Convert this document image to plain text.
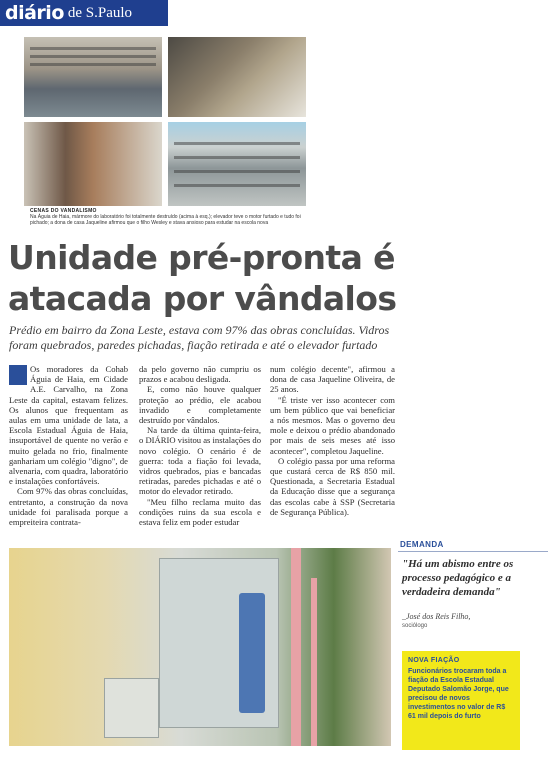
diário de S.Paulo
CENAS DO VANDALISMO
Na Águia de Haia, mármore do laboratório foi totalmente destruído (acima à esq.); elevador teve o motor furtado e tudo foi pichado; a dona de casa Jaqueline afirmou que o filho Wesley e stava ansioso para estudar na escola nova
Unidade pré-pronta é atacada por vândalos
Prédio em bairro da Zona Leste, estava com 97% das obras concluídas. Vidros foram quebrados, paredes pichadas, fiação retirada e até o elevador furtado

Os moradores da Cohab Águia de Haia, em Cidade A.E. Carvalho, na Zona Leste da capital, estavam felizes. Os alunos que frequentam as aulas em uma unidade de lata, a Escola Estadual Águia de Haia, insuportável de quente no verão e muito gelada no frio, finalmente ganhariam um colégio "digno", de alvenaria, com quadra, laboratório e instalações confortáveis.

Com 97% das obras concluídas, entretanto, a construção da nova unidade foi paralisada porque a empreiteira contrata-

da pelo governo não cumpriu os prazos e acabou desligada.

E, como não houve qualquer proteção ao prédio, ele acabou invadido e completamente destruído por vândalos.

Na tarde da última quinta-feira, o DIÁRIO visitou as instalações do novo colégio. O cenário é de guerra: toda a fiação foi levada, vidros quebrados, pias e bancadas retiradas, paredes pichadas e até o motor do elevador retirado.

"Meu filho reclama muito das condições ruins da sua escola e estava feliz em poder estudar

num colégio decente", afirmou a dona de casa Jaqueline Oliveira, de 25 anos.

"É triste ver isso acontecer com um bem público que vai beneficiar a nós mesmos. Mas o governo deu mole e deixou o prédio abandonado por mais de seis meses até isso acontecer", completou Jaqueline.

O colégio passa por uma reforma que custará cerca de R$ 850 mil. Questionada, a Secretaria Estadual da Educação disse que a segurança das escolas cabe à SSP (Secretaria de Segurança Pública).

DEMANDA
"Há um abismo entre os processo pedagógico e a verdadeira demanda"
_José dos Reis Filho,
sociólogo
NOVA FIAÇÃO
Funcionários trocaram toda a fiação da Escola Estadual Deputado Salomão Jorge, que precisou de novos investimentos no valor de R$ 61 mil depois do furto
